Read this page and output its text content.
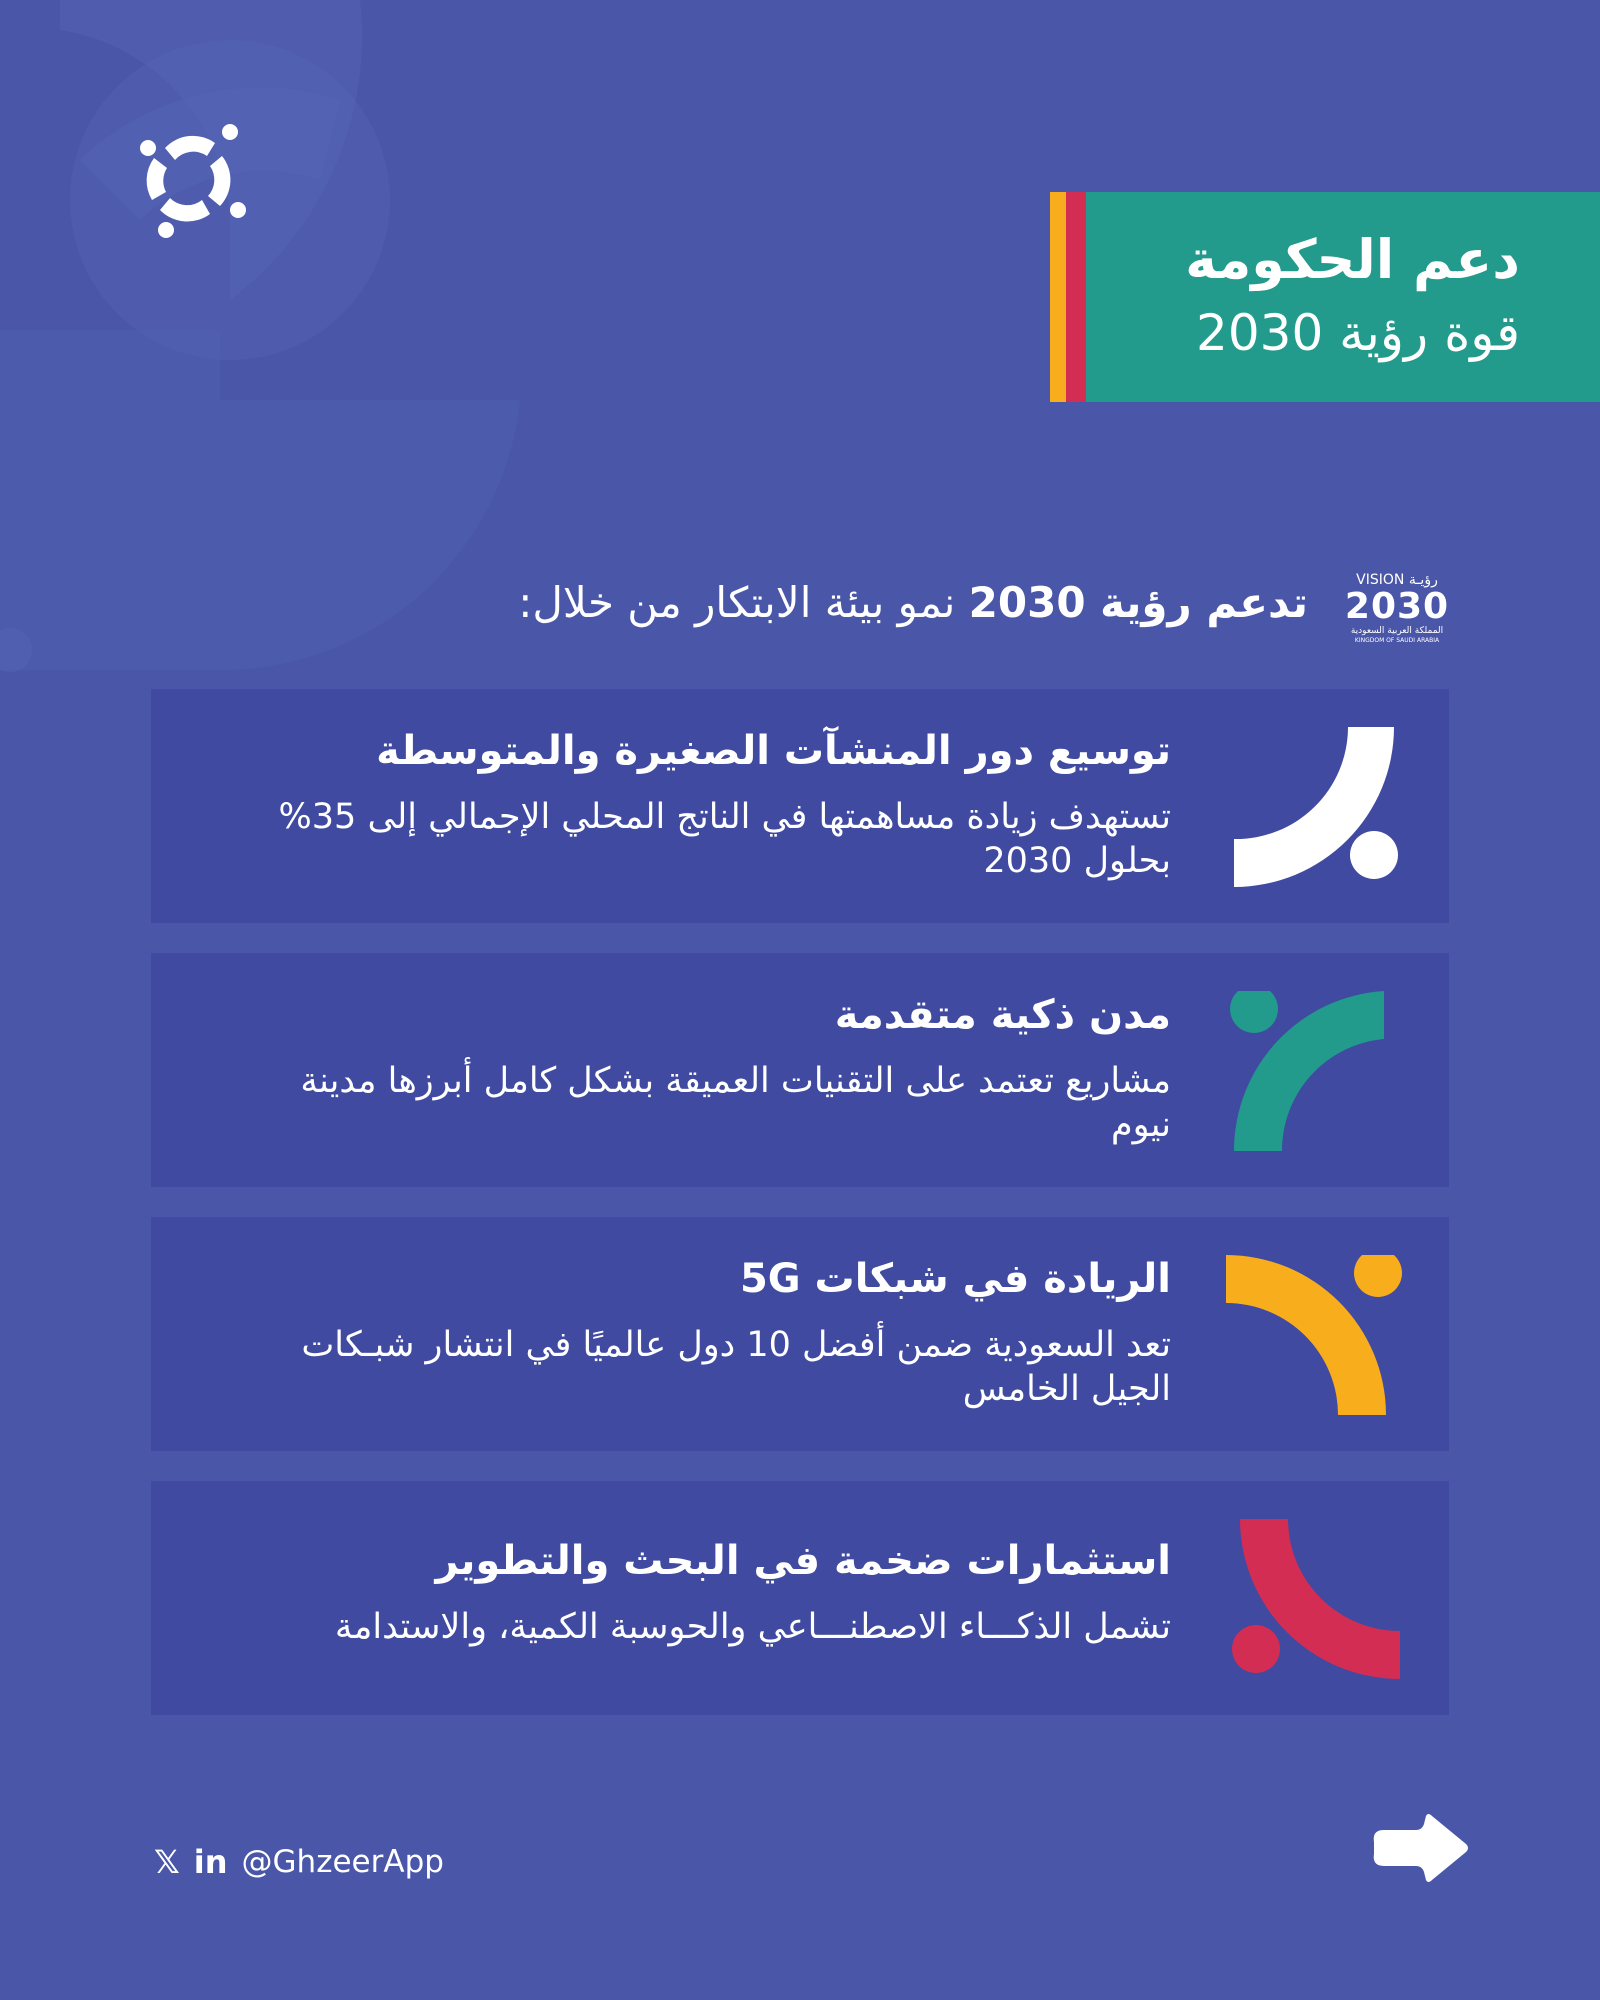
دعم الحكومة
قوة رؤية 2030
VISION رؤيـة
2030
المملكة العربية السعودية
KINGDOM OF SAUDI ARABIA
تدعم رؤية 2030 نمو بيئة الابتكار من خلال:
توسيع دور المنشآت الصغيرة والمتوسطة
تستهدف زيادة مساهمتها في الناتج المحلي الإجمالي إلى 35%
بحلول 2030
مدن ذكية متقدمة
مشاريع تعتمد على التقنيات العميقة بشكل كامل أبرزها مدينة
نيوم
الريادة في شبكات 5G
تعد السعودية ضمن أفضل 10 دول عالميًا في انتشار شبـكات
الجيل الخامس
استثمارات ضخمة في البحث والتطوير
تشمل الذكـــاء الاصطنـــاعي والحوسبة الكمية، والاستدامة
𝕏 in @GhzeerApp
